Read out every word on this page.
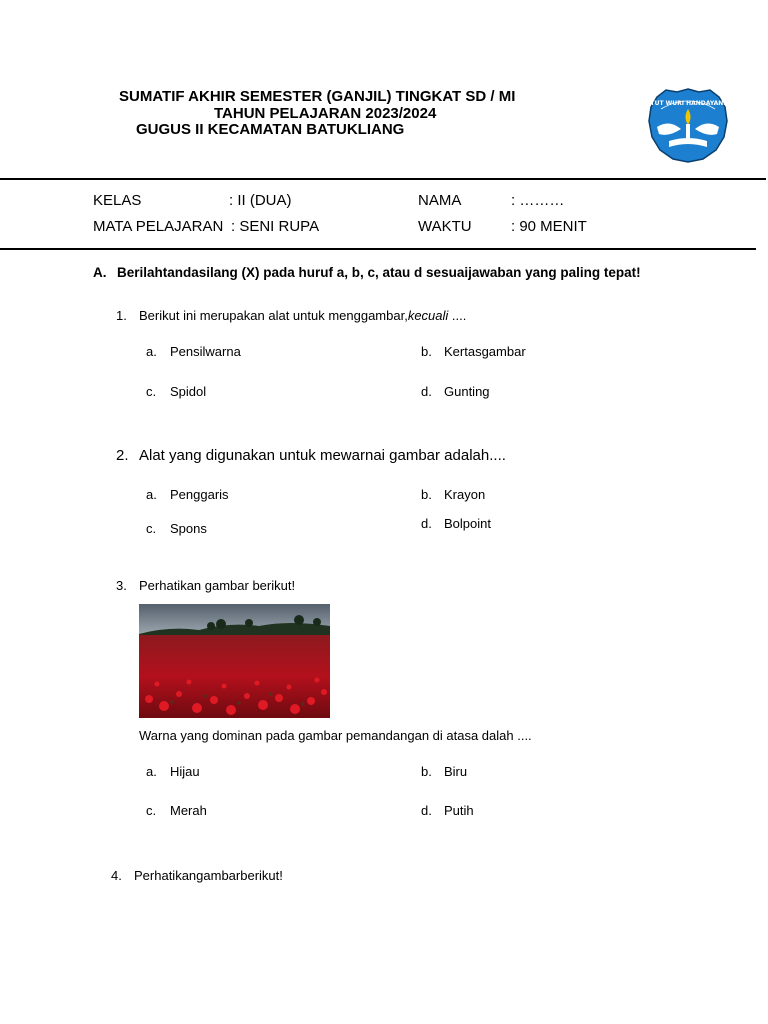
SUMATIF AKHIR SEMESTER (GANJIL) TINGKAT SD / MI
TAHUN PELAJARAN 2023/2024
GUGUS II KECAMATAN BATUKLIANG
TUT WURI HANDAYANI
KELAS	: II (DUA)	NAMA	: ………
MATA PELAJARAN : SENI RUPA	WAKTU	: 90 MENIT
A. Berilahtandasilang (X) pada huruf a, b, c, atau d sesuaijawaban yang paling tepat!
1. Berikut ini merupakan alat untuk menggambar,kecuali ....
a. Pensilwarna	b. Kertasgambar
c. Spidol	d. Gunting
2. Alat yang digunakan untuk mewarnai gambar adalah....
a. Penggaris	b. Krayon
c. Spons	d. Bolpoint
3. Perhatikan gambar berikut!
Warna yang dominan pada gambar pemandangan di atasa dalah ....
a. Hijau	b. Biru
c. Merah	d. Putih
4. Perhatikangambarberikut!
